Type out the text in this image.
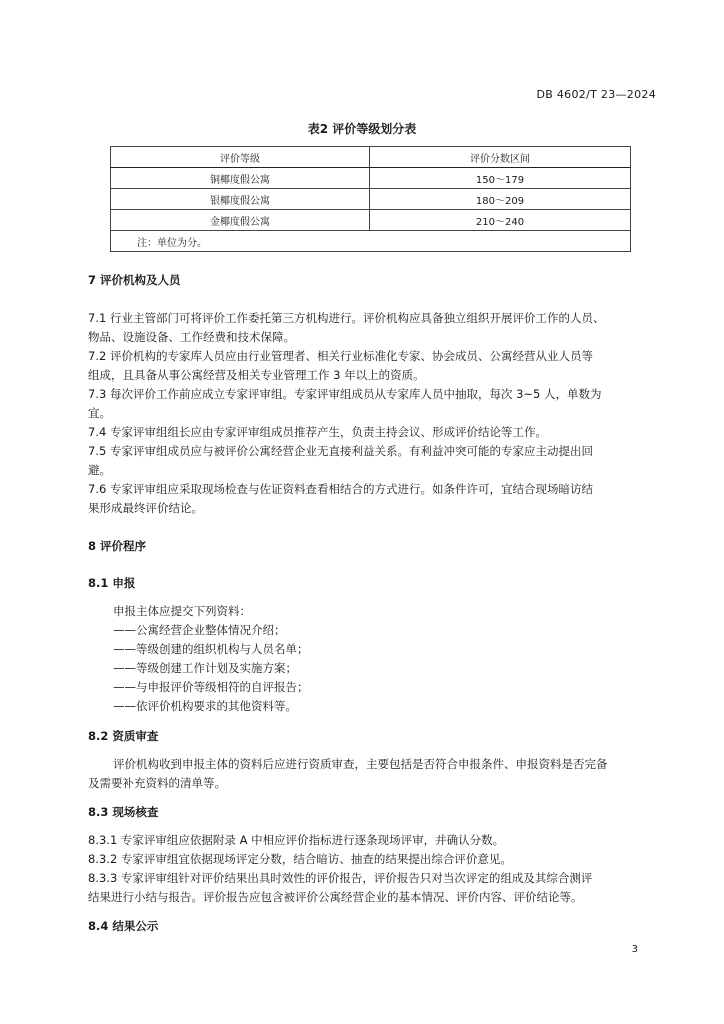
DB 4602/T 23—2024
表2 评价等级划分表
评价等级	评价分数区间
铜椰度假公寓	150～179
银椰度假公寓	180～209
金椰度假公寓	210～240
注：单位为分。	
7 评价机构及人员
7.1 行业主管部门可将评价工作委托第三方机构进行。评价机构应具备独立组织开展评价工作的人员、
物品、设施设备、工作经费和技术保障。
7.2 评价机构的专家库人员应由行业管理者、相关行业标准化专家、协会成员、公寓经营从业人员等
组成，且具备从事公寓经营及相关专业管理工作 3 年以上的资质。
7.3 每次评价工作前应成立专家评审组。专家评审组成员从专家库人员中抽取，每次 3~5 人，单数为
宜。
7.4 专家评审组组长应由专家评审组成员推荐产生，负责主持会议、形成评价结论等工作。
7.5 专家评审组成员应与被评价公寓经营企业无直接利益关系。有利益冲突可能的专家应主动提出回
避。
7.6 专家评审组应采取现场检查与佐证资料查看相结合的方式进行。如条件许可，宜结合现场暗访结
果形成最终评价结论。
8 评价程序
8.1 申报
申报主体应提交下列资料：
——公寓经营企业整体情况介绍；
——等级创建的组织机构与人员名单；
——等级创建工作计划及实施方案；
——与申报评价等级相符的自评报告；
——依评价机构要求的其他资料等。
8.2 资质审查
评价机构收到申报主体的资料后应进行资质审查，主要包括是否符合申报条件、申报资料是否完备
及需要补充资料的清单等。
8.3 现场核查
8.3.1 专家评审组应依据附录 A 中相应评价指标进行逐条现场评审，并确认分数。
8.3.2 专家评审组宜依据现场评定分数，结合暗访、抽查的结果提出综合评价意见。
8.3.3 专家评审组针对评价结果出具时效性的评价报告，评价报告只对当次评定的组成及其综合测评
结果进行小结与报告。评价报告应包含被评价公寓经营企业的基本情况、评价内容、评价结论等。
8.4 结果公示
3
